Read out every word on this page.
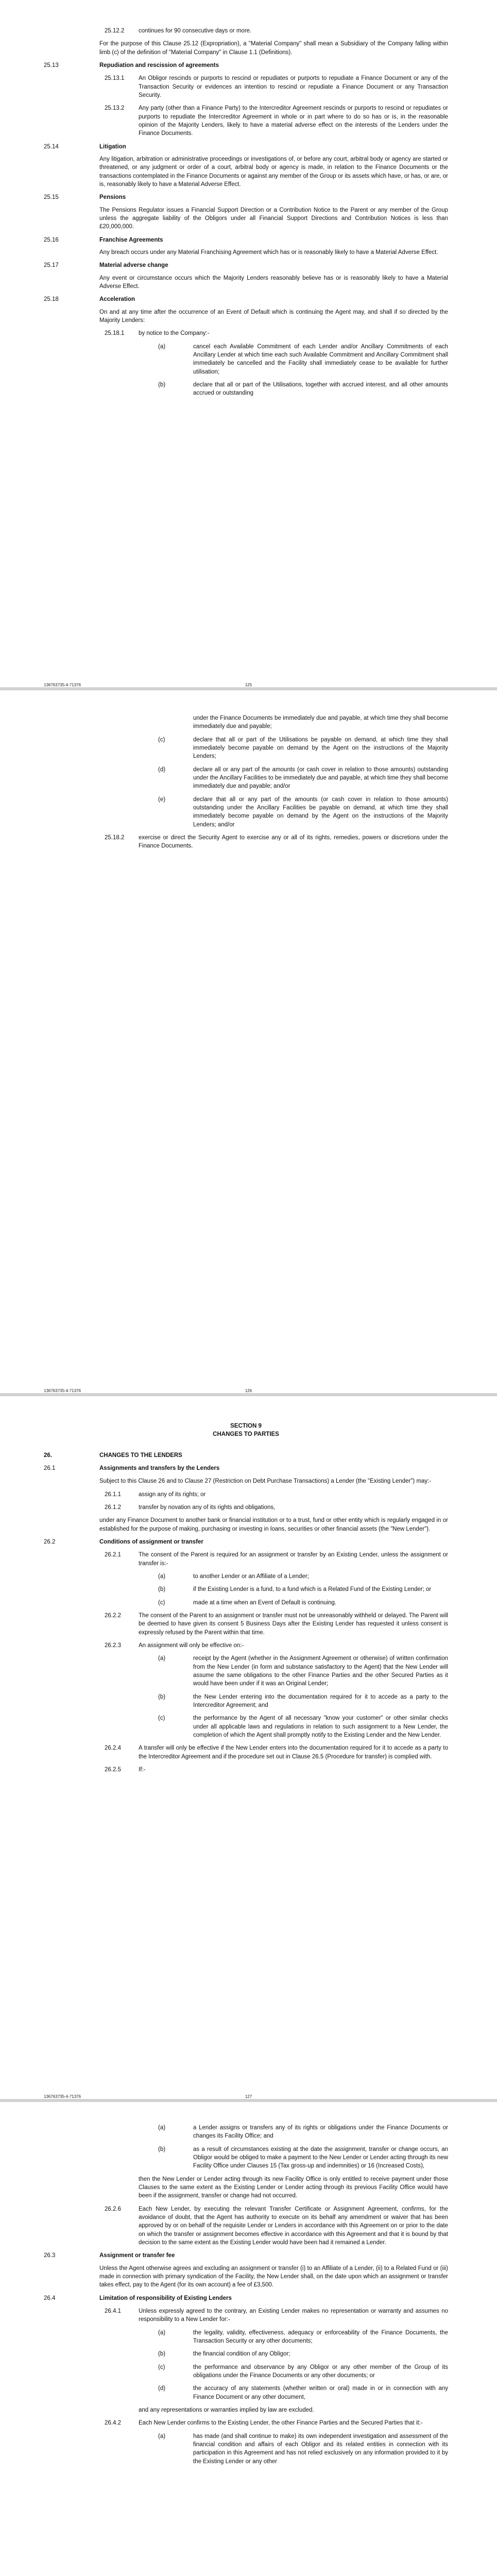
25.12.2 continues for 90 consecutive days or more.
For the purpose of this Clause 25.12 (Expropriation), a "Material Company" shall mean a Subsidiary of the Company falling within limb (c) of the definition of "Material Company" in Clause 1.1 (Definitions).
25.13	Repudiation and rescission of agreements
25.13.1 An Obligor rescinds or purports to rescind or repudiates or purports to repudiate a Finance Document or any of the Transaction Security or evidences an intention to rescind or repudiate a Finance Document or any Transaction Security.
25.13.2 Any party (other than a Finance Party) to the Intercreditor Agreement rescinds or purports to rescind or repudiates or purports to repudiate the Intercreditor Agreement in whole or in part where to do so has or is, in the reasonable opinion of the Majority Lenders, likely to have a material adverse effect on the interests of the Lenders under the Finance Documents.
25.14	Litigation
Any litigation, arbitration or administrative proceedings or investigations of, or before any court, arbitral body or agency are started or threatened, or any judgment or order of a court, arbitral body or agency is made, in relation to the Finance Documents or the transactions contemplated in the Finance Documents or against any member of the Group or its assets which have, or has, or are, or is, reasonably likely to have a Material Adverse Effect.
25.15	Pensions
The Pensions Regulator issues a Financial Support Direction or a Contribution Notice to the Parent or any member of the Group unless the aggregate liability of the Obligors under all Financial Support Directions and Contribution Notices is less than £20,000,000.
25.16	Franchise Agreements
Any breach occurs under any Material Franchising Agreement which has or is reasonably likely to have a Material Adverse Effect.
25.17	Material adverse change
Any event or circumstance occurs which the Majority Lenders reasonably believe has or is reasonably likely to have a Material Adverse Effect.
25.18	Acceleration
On and at any time after the occurrence of an Event of Default which is continuing the Agent may, and shall if so directed by the Majority Lenders:
25.18.1 by notice to the Company:-
(a)	cancel each Available Commitment of each Lender and/or Ancillary Commitments of each Ancillary Lender at which time each such Available Commitment and Ancillary Commitment shall immediately be cancelled and the Facility shall immediately cease to be available for further utilisation;
(b)	declare that all or part of the Utilisations, together with accrued interest, and all other amounts accrued or outstanding
136763735-4-71376	125
under the Finance Documents be immediately due and payable, at which time they shall become immediately due and payable;
(c)	declare that all or part of the Utilisations be payable on demand, at which time they shall immediately become payable on demand by the Agent on the instructions of the Majority Lenders;
(d)	declare all or any part of the amounts (or cash cover in relation to those amounts) outstanding under the Ancillary Facilities to be immediately due and payable, at which time they shall become immediately due and payable; and/or
(e)	declare that all or any part of the amounts (or cash cover in relation to those amounts) outstanding under the Ancillary Facilities be payable on demand, at which time they shall immediately become payable on demand by the Agent on the instructions of the Majority Lenders; and/or
25.18.2 exercise or direct the Security Agent to exercise any or all of its rights, remedies, powers or discretions under the Finance Documents.
136763735-4-71376	126
SECTION 9
CHANGES TO PARTIES
26.	CHANGES TO THE LENDERS
26.1	Assignments and transfers by the Lenders
Subject to this Clause 26 and to Clause 27 (Restriction on Debt Purchase Transactions) a Lender (the "Existing Lender") may:-
26.1.1	assign any of its rights; or
26.1.2	transfer by novation any of its rights and obligations,
under any Finance Document to another bank or financial institution or to a trust, fund or other entity which is regularly engaged in or established for the purpose of making, purchasing or investing in loans, securities or other financial assets (the "New Lender").
26.2	Conditions of assignment or transfer
26.2.1	The consent of the Parent is required for an assignment or transfer by an Existing Lender, unless the assignment or transfer is:-
(a)	to another Lender or an Affiliate of a Lender;
(b)	if the Existing Lender is a fund, to a fund which is a Related Fund of the Existing Lender; or
(c)	made at a time when an Event of Default is continuing.
26.2.2	The consent of the Parent to an assignment or transfer must not be unreasonably withheld or delayed. The Parent will be deemed to have given its consent 5 Business Days after the Existing Lender has requested it unless consent is expressly refused by the Parent within that time.
26.2.3	An assignment will only be effective on:-
(a)	receipt by the Agent (whether in the Assignment Agreement or otherwise) of written confirmation from the New Lender (in form and substance satisfactory to the Agent) that the New Lender will assume the same obligations to the other Finance Parties and the other Secured Parties as it would have been under if it was an Original Lender;
(b)	the New Lender entering into the documentation required for it to accede as a party to the Intercreditor Agreement; and
(c)	the performance by the Agent of all necessary "know your customer" or other similar checks under all applicable laws and regulations in relation to such assignment to a New Lender, the completion of which the Agent shall promptly notify to the Existing Lender and the New Lender.
26.2.4	A transfer will only be effective if the New Lender enters into the documentation required for it to accede as a party to the Intercreditor Agreement and if the procedure set out in Clause 26.5 (Procedure for transfer) is complied with.
26.2.5	If:-
136763735-4-71376	127
(a)	a Lender assigns or transfers any of its rights or obligations under the Finance Documents or changes its Facility Office; and
(b)	as a result of circumstances existing at the date the assignment, transfer or change occurs, an Obligor would be obliged to make a payment to the New Lender or Lender acting through its new Facility Office under Clauses 15 (Tax gross-up and indemnities) or 16 (Increased Costs),
then the New Lender or Lender acting through its new Facility Office is only entitled to receive payment under those Clauses to the same extent as the Existing Lender or Lender acting through its previous Facility Office would have been if the assignment, transfer or change had not occurred.
26.2.6	Each New Lender, by executing the relevant Transfer Certificate or Assignment Agreement, confirms, for the avoidance of doubt, that the Agent has authority to execute on its behalf any amendment or waiver that has been approved by or on behalf of the requisite Lender or Lenders in accordance with this Agreement on or prior to the date on which the transfer or assignment becomes effective in accordance with this Agreement and that it is bound by that decision to the same extent as the Existing Lender would have been had it remained a Lender.
26.3	Assignment or transfer fee
Unless the Agent otherwise agrees and excluding an assignment or transfer (i) to an Affiliate of a Lender, (ii) to a Related Fund or (iii) made in connection with primary syndication of the Facility, the New Lender shall, on the date upon which an assignment or transfer takes effect, pay to the Agent (for its own account) a fee of £3,500.
26.4	Limitation of responsibility of Existing Lenders
26.4.1	Unless expressly agreed to the contrary, an Existing Lender makes no representation or warranty and assumes no responsibility to a New Lender for:-
(a)	the legality, validity, effectiveness, adequacy or enforceability of the Finance Documents, the Transaction Security or any other documents;
(b)	the financial condition of any Obligor;
(c)	the performance and observance by any Obligor or any other member of the Group of its obligations under the Finance Documents or any other documents; or
(d)	the accuracy of any statements (whether written or oral) made in or in connection with any Finance Document or any other document,
and any representations or warranties implied by law are excluded.
26.4.2	Each New Lender confirms to the Existing Lender, the other Finance Parties and the Secured Parties that it:-
(a)	has made (and shall continue to make) its own independent investigation and assessment of the financial condition and affairs of each Obligor and its related entities in connection with its participation in this Agreement and has not relied exclusively on any information provided to it by the Existing Lender or any other
